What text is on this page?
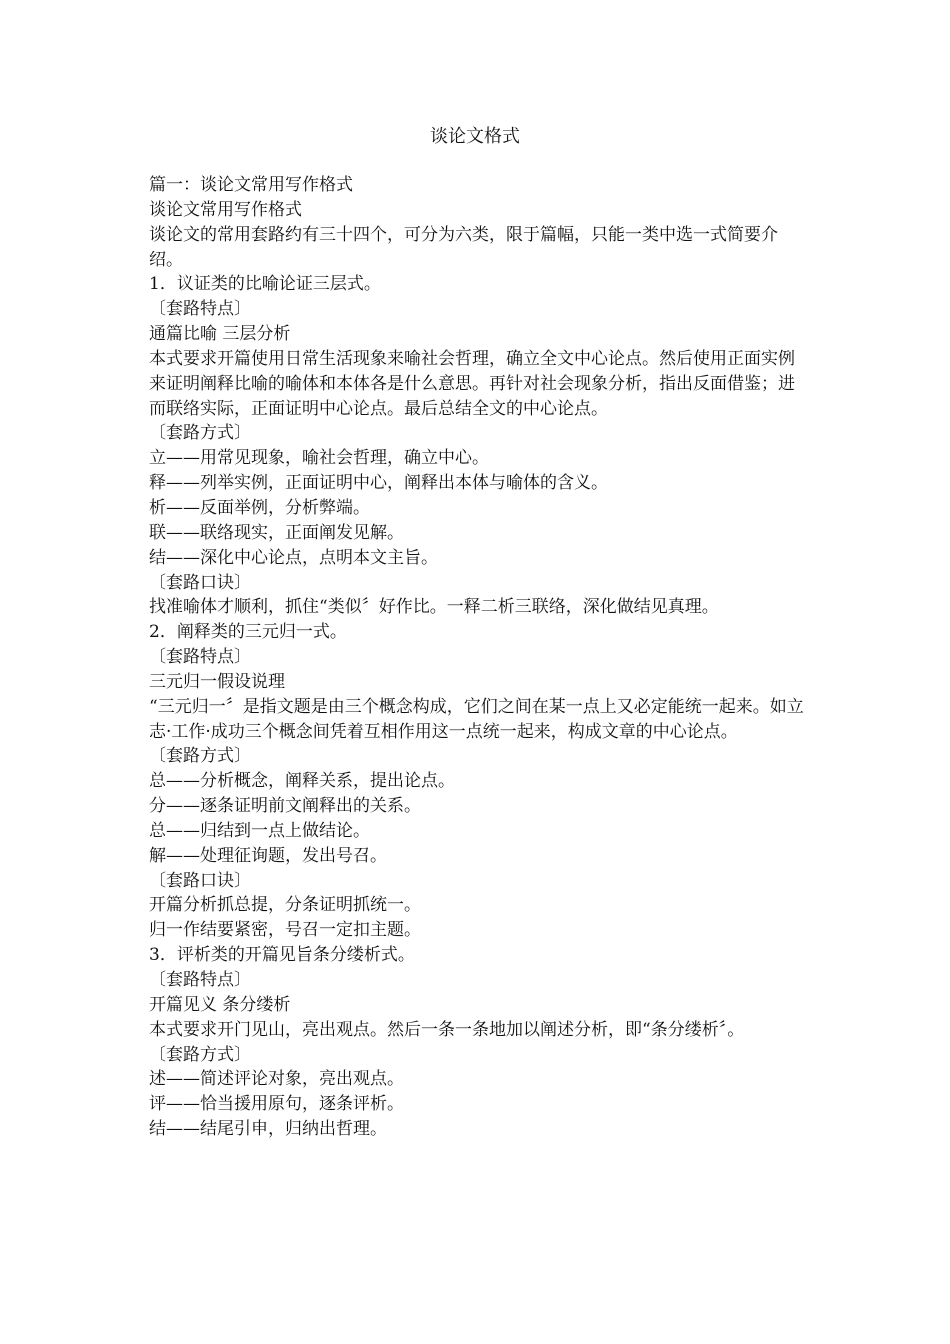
谈论文格式

篇一：谈论文常用写作格式

谈论文常用写作格式

谈论文的常用套路约有三十四个，可分为六类，限于篇幅，只能一类中选一式简要介绍。

1．议证类的比喻论证三层式。

〔套路特点〕

通篇比喻 三层分析

本式要求开篇使用日常生活现象来喻社会哲理，确立全文中心论点。然后使用正面实例来证明阐释比喻的喻体和本体各是什么意思。再针对社会现象分析，指出反面借鉴；进而联络实际，正面证明中心论点。最后总结全文的中心论点。

〔套路方式〕

立——用常见现象，喻社会哲理，确立中心。

释——列举实例，正面证明中心，阐释出本体与喻体的含义。

析——反面举例，分析弊端。

联——联络现实，正面阐发见解。

结——深化中心论点，点明本文主旨。

〔套路口诀〕

找准喻体才顺利，抓住“类似〞好作比。一释二析三联络，深化做结见真理。

2．阐释类的三元归一式。

〔套路特点〕

三元归一假设说理

“三元归一〞是指文题是由三个概念构成，它们之间在某一点上又必定能统一起来。如立志·工作·成功三个概念间凭着互相作用这一点统一起来，构成文章的中心论点。

〔套路方式〕

总——分析概念，阐释关系，提出论点。

分——逐条证明前文阐释出的关系。

总——归结到一点上做结论。

解——处理征询题，发出号召。

〔套路口诀〕

开篇分析抓总提，分条证明抓统一。

归一作结要紧密，号召一定扣主题。

3．评析类的开篇见旨条分缕析式。

〔套路特点〕

开篇见义 条分缕析

本式要求开门见山，亮出观点。然后一条一条地加以阐述分析，即“条分缕析〞。

〔套路方式〕

述——简述评论对象，亮出观点。

评——恰当援用原句，逐条评析。

结——结尾引申，归纳出哲理。
